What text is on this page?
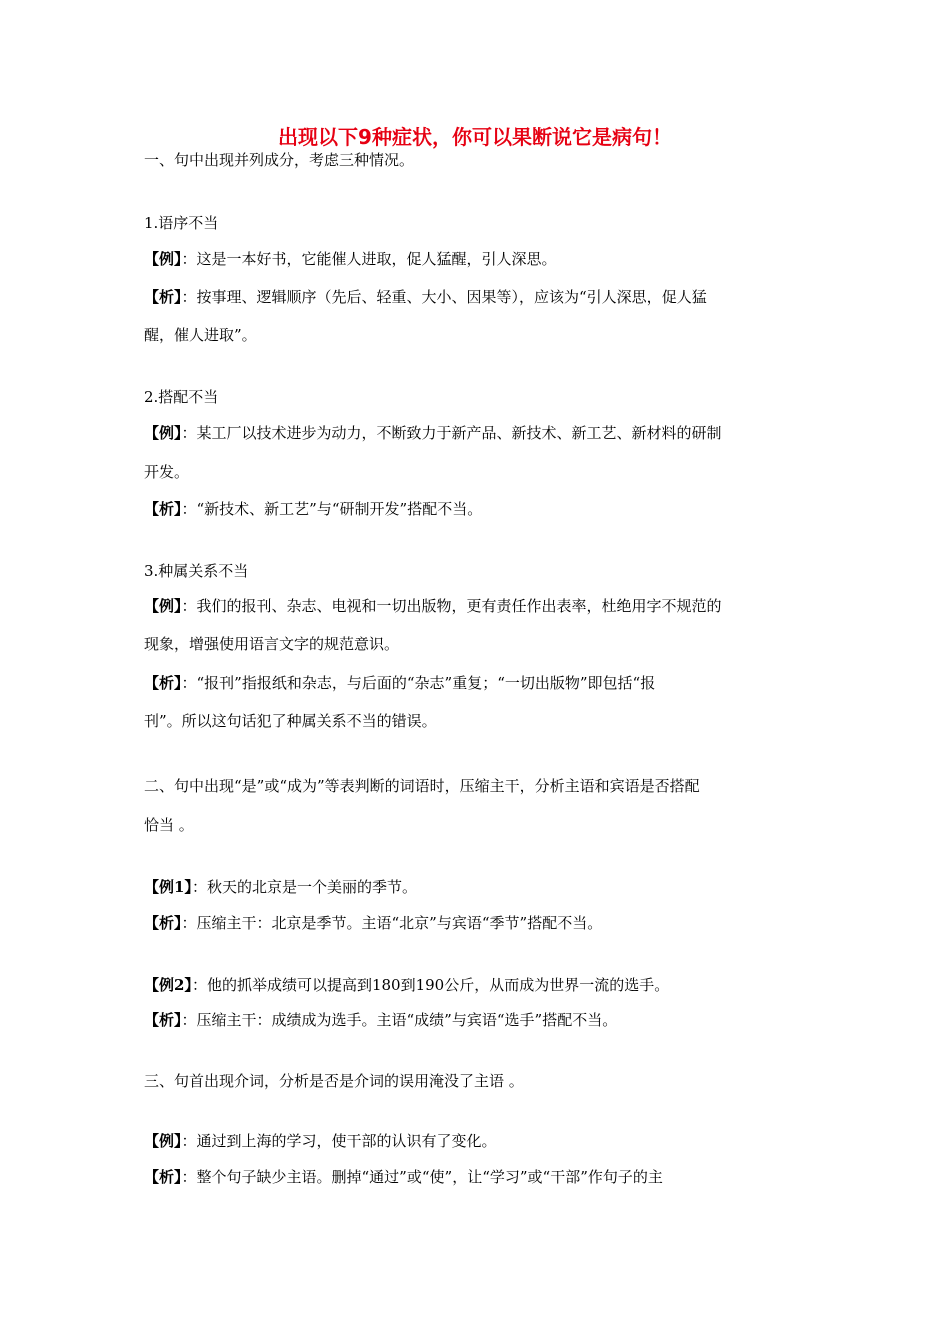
出现以下9种症状，你可以果断说它是病句！
一、句中出现并列成分，考虑三种情况。
1.语序不当
【例】：这是一本好书，它能催人进取，促人猛醒，引人深思。
【析】：按事理、逻辑顺序（先后、轻重、大小、因果等），应该为“引人深思，促人猛
醒，催人进取”。
2.搭配不当
【例】：某工厂以技术进步为动力，不断致力于新产品、新技术、新工艺、新材料的研制
开发。
【析】：“新技术、新工艺”与“研制开发”搭配不当。
3.种属关系不当
【例】：我们的报刊、杂志、电视和一切出版物，更有责任作出表率，杜绝用字不规范的
现象，增强使用语言文字的规范意识。
【析】：“报刊”指报纸和杂志，与后面的“杂志”重复；“一切出版物”即包括“报
刊”。所以这句话犯了种属关系不当的错误。
二、句中出现“是”或“成为”等表判断的词语时，压缩主干，分析主语和宾语是否搭配
恰当 。
【例1】：秋天的北京是一个美丽的季节。
【析】：压缩主干：北京是季节。主语“北京”与宾语“季节”搭配不当。
【例2】：他的抓举成绩可以提高到180到190公斤，从而成为世界一流的选手。
【析】：压缩主干：成绩成为选手。主语“成绩”与宾语“选手”搭配不当。
三、句首出现介词，分析是否是介词的误用淹没了主语 。
【例】：通过到上海的学习，使干部的认识有了变化。
【析】：整个句子缺少主语。删掉“通过”或“使”，让“学习”或“干部”作句子的主
